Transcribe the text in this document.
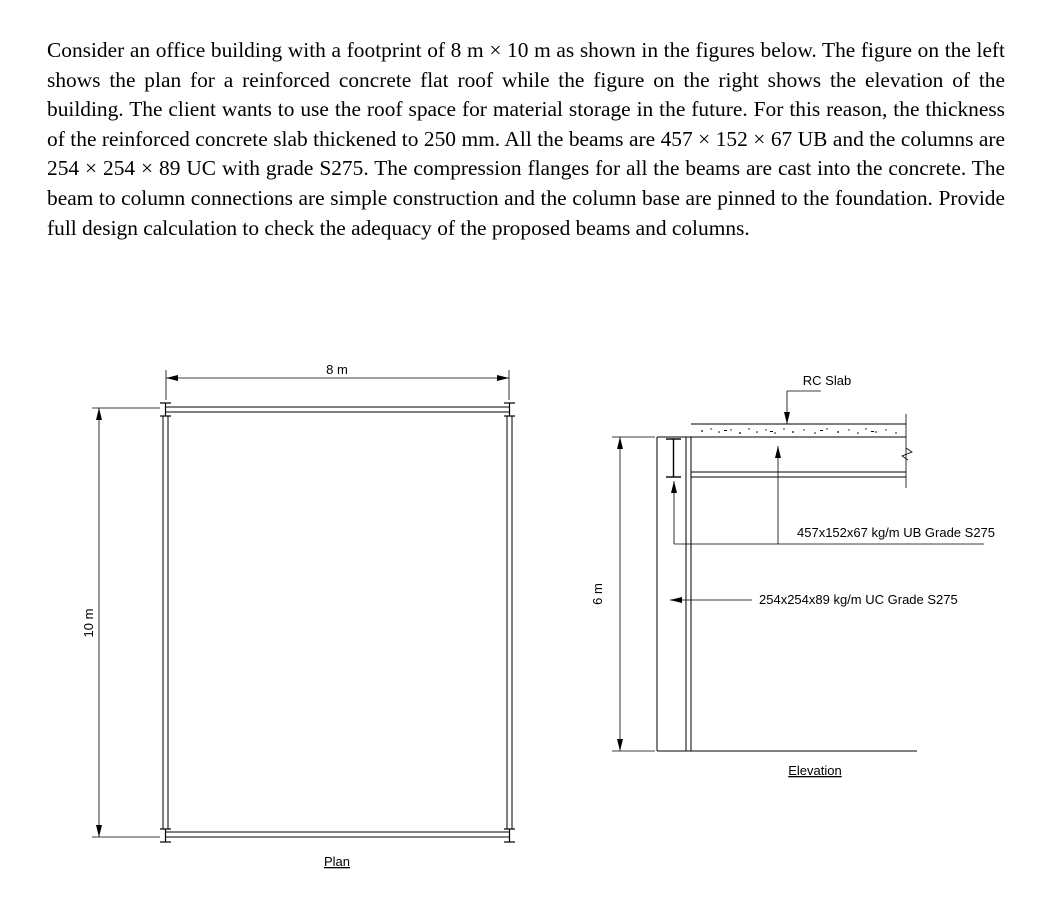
Consider an office building with a footprint of 8 m × 10 m as shown in the figures below. The figure on the left shows the plan for a reinforced concrete flat roof while the figure on the right shows the elevation of the building. The client wants to use the roof space for material storage in the future. For this reason, the thickness of the reinforced concrete slab thickened to 250 mm. All the beams are 457 × 152 × 67 UB and the columns are 254 × 254 × 89 UC with grade S275. The compression flanges for all the beams are cast into the concrete. The beam to column connections are simple construction and the column base are pinned to the foundation. Provide full design calculation to check the adequacy of the proposed beams and columns.

8 m
10 m
Plan
RC Slab
457x152x67 kg/m UB Grade S275
254x254x89 kg/m UC Grade S275
6 m
Elevation
